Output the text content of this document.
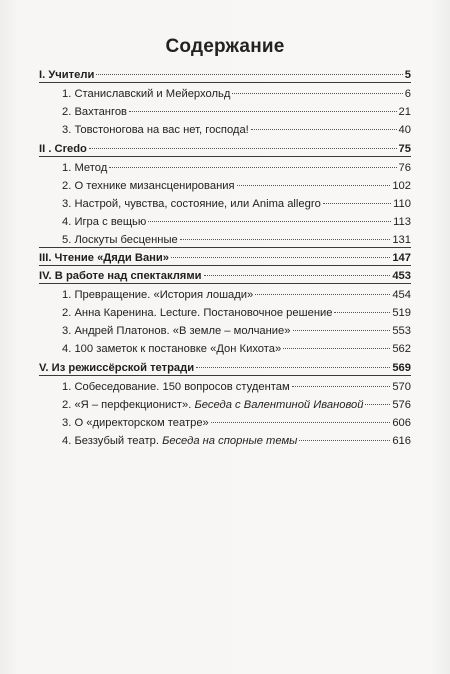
Содержание
I. Учители	5
1. Станиславский и Мейерхольд	6
2. Вахтангов	21
3. Товстоногова на вас нет, господа!	40
II . Credo	75
1. Метод	76
2. О технике мизансценирования	102
3. Настрой, чувства, состояние, или Anima allegro	110
4. Игра с вещью	113
5. Лоскуты бесценные	131
III. Чтение «Дяди Вани»	147
IV. В работе над спектаклями	453
1. Превращение. «История лошади»	454
2. Анна Каренина. Lecture. Постановочное решение	519
3. Андрей Платонов. «В земле – молчание»	553
4. 100 заметок к постановке «Дон Кихота»	562
V. Из режиссёрской тетради	569
1. Собеседование. 150 вопросов студентам	570
2. «Я – перфекционист». Беседа с Валентиной Ивановой	576
3. О «директорском театре»	606
4. Беззубый театр. Беседа на спорные темы	616
